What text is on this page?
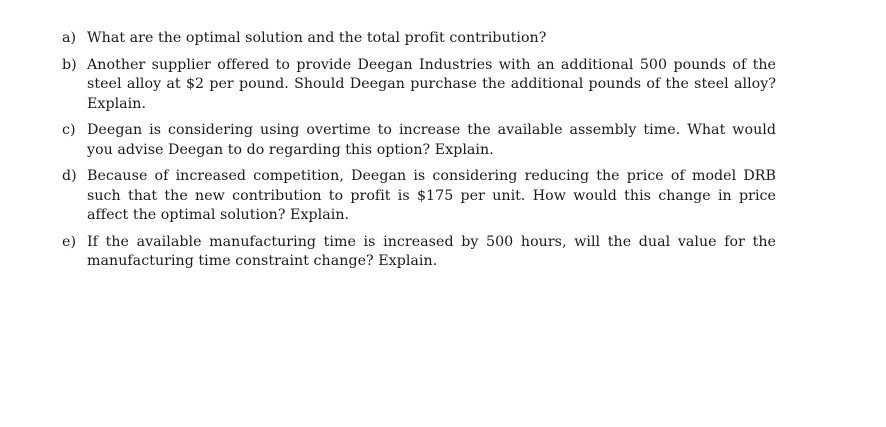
a) What are the optimal solution and the total profit contribution?
b) Another supplier offered to provide Deegan Industries with an additional 500 pounds of the steel alloy at $2 per pound. Should Deegan purchase the additional pounds of the steel alloy? Explain.
c) Deegan is considering using overtime to increase the available assembly time. What would you advise Deegan to do regarding this option? Explain.
d) Because of increased competition, Deegan is considering reducing the price of model DRB such that the new contribution to profit is $175 per unit. How would this change in price affect the optimal solution? Explain.
e) If the available manufacturing time is increased by 500 hours, will the dual value for the manufacturing time constraint change? Explain.
